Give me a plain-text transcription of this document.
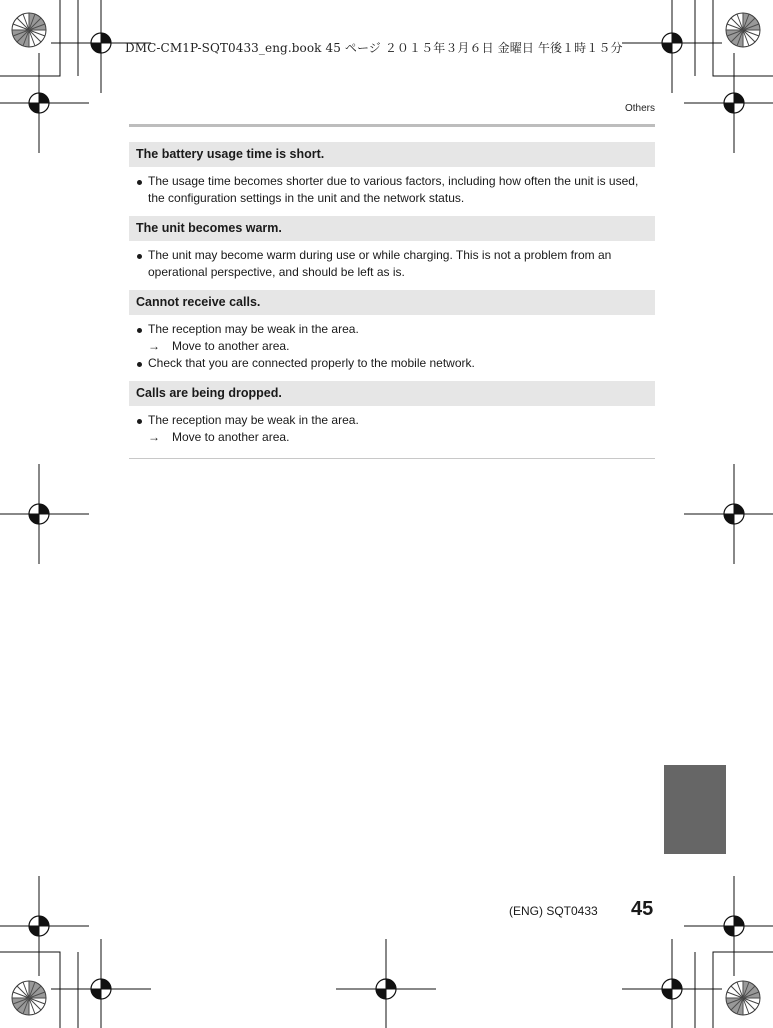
DMC-CM1P-SQT0433_eng.book 45 ページ ２０１５年３月６日 金曜日 午後１時１５分
Others
The battery usage time is short.
The usage time becomes shorter due to various factors, including how often the unit is used, the configuration settings in the unit and the network status.
The unit becomes warm.
The unit may become warm during use or while charging. This is not a problem from an operational perspective, and should be left as is.
Cannot receive calls.
The reception may be weak in the area.
→ Move to another area.
Check that you are connected properly to the mobile network.
Calls are being dropped.
The reception may be weak in the area.
→ Move to another area.
(ENG) SQT0433 45
